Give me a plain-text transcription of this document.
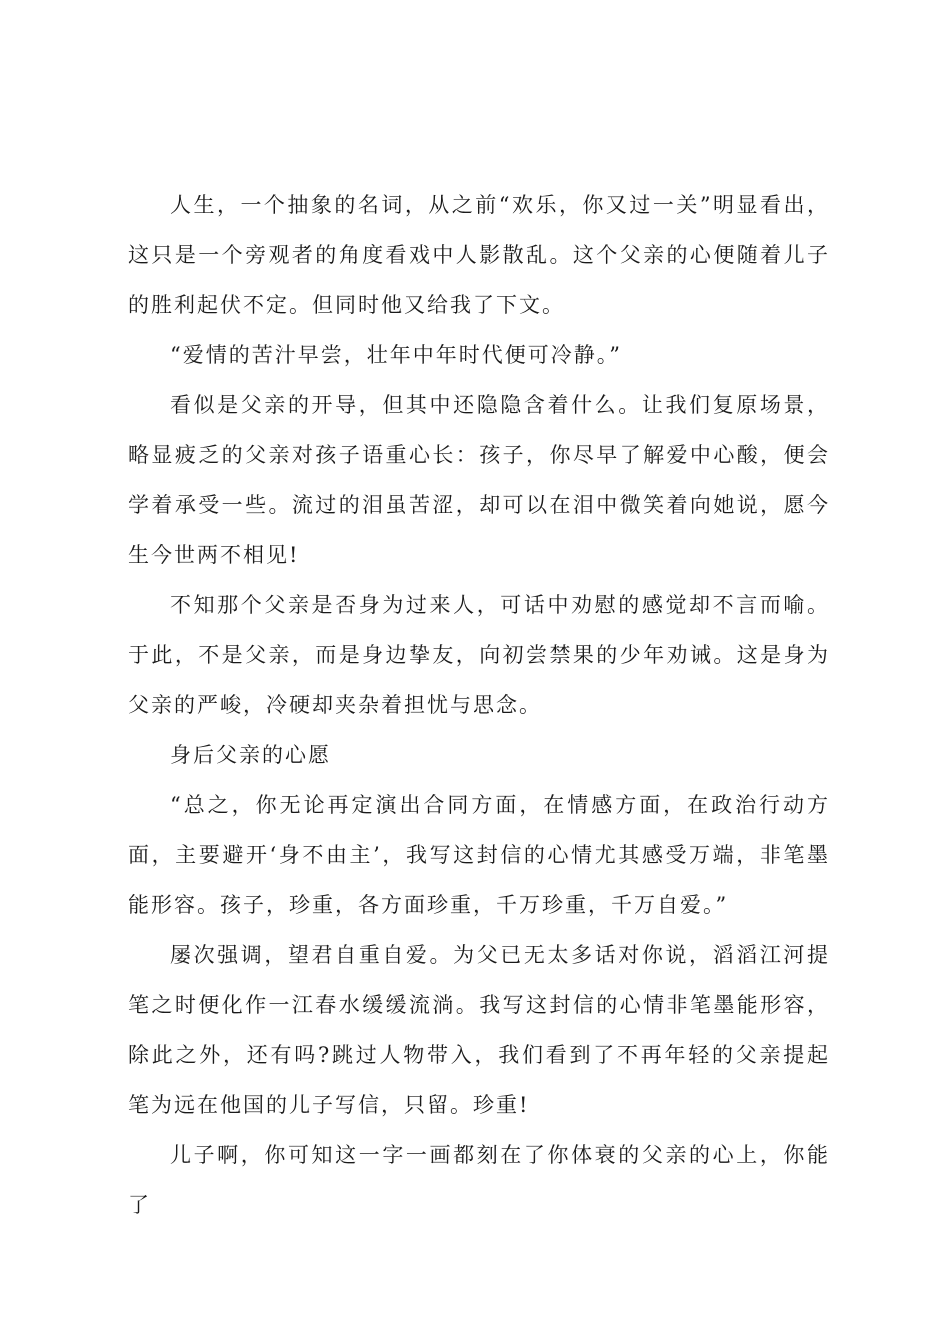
人生，一个抽象的名词，从之前“欢乐，你又过一关”明显看出，这只是一个旁观者的角度看戏中人影散乱。这个父亲的心便随着儿子的胜利起伏不定。但同时他又给我了下文。

“爱情的苦汁早尝，壮年中年时代便可冷静。”

看似是父亲的开导，但其中还隐隐含着什么。让我们复原场景，略显疲乏的父亲对孩子语重心长：孩子，你尽早了解爱中心酸，便会学着承受一些。流过的泪虽苦涩，却可以在泪中微笑着向她说，愿今生今世两不相见!

不知那个父亲是否身为过来人，可话中劝慰的感觉却不言而喻。于此，不是父亲，而是身边挚友，向初尝禁果的少年劝诫。这是身为父亲的严峻，冷硬却夹杂着担忧与思念。

身后父亲的心愿

“总之，你无论再定演出合同方面，在情感方面，在政治行动方面，主要避开‘身不由主’，我写这封信的心情尤其感受万端，非笔墨能形容。孩子，珍重，各方面珍重，千万珍重，千万自爱。”

屡次强调，望君自重自爱。为父已无太多话对你说，滔滔江河提笔之时便化作一江春水缓缓流淌。我写这封信的心情非笔墨能形容，除此之外，还有吗?跳过人物带入，我们看到了不再年轻的父亲提起笔为远在他国的儿子写信，只留。珍重!

儿子啊，你可知这一字一画都刻在了你体衰的父亲的心上，你能了
